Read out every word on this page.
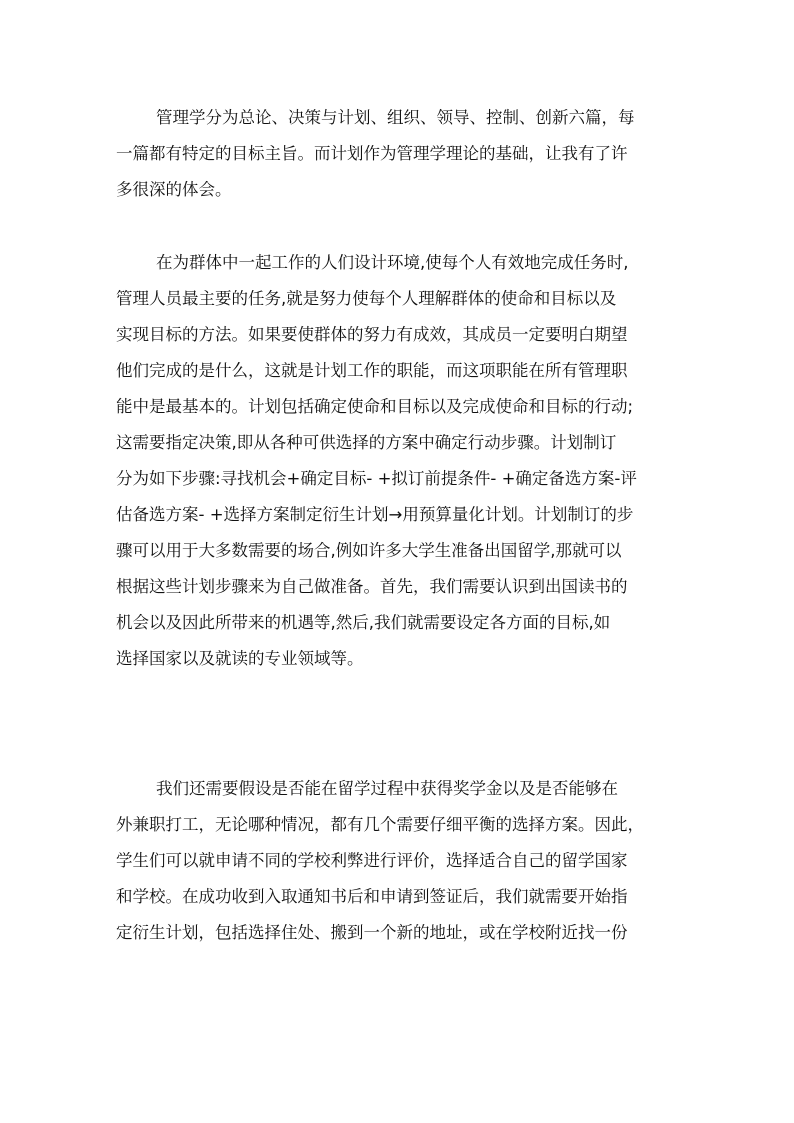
管理学分为总论、决策与计划、组织、领导、控制、创新六篇，每
一篇都有特定的目标主旨。而计划作为管理学理论的基础，让我有了许
多很深的体会。
在为群体中一起工作的人们设计环境,使每个人有效地完成任务时,
管理人员最主要的任务,就是努力使每个人理解群体的使命和目标以及
实现目标的方法。如果要使群体的努力有成效，其成员一定要明白期望
他们完成的是什么，这就是计划工作的职能，而这项职能在所有管理职
能中是最基本的。计划包括确定使命和目标以及完成使命和目标的行动;
这需要指定决策,即从各种可供选择的方案中确定行动步骤。计划制订
分为如下步骤:寻找机会+确定目标- +拟订前提条件- +确定备选方案-评
估备选方案- +选择方案制定衍生计划→用预算量化计划。计划制订的步
骤可以用于大多数需要的场合,例如许多大学生准备出国留学,那就可以
根据这些计划步骤来为自己做准备。首先，我们需要认识到出国读书的
机会以及因此所带来的机遇等,然后,我们就需要设定各方面的目标,如
选择国家以及就读的专业领域等。
我们还需要假设是否能在留学过程中获得奖学金以及是否能够在
外兼职打工，无论哪种情况，都有几个需要仔细平衡的选择方案。因此，
学生们可以就申请不同的学校利弊进行评价，选择适合自己的留学国家
和学校。在成功收到入取通知书后和申请到签证后，我们就需要开始指
定衍生计划，包括选择住处、搬到一个新的地址，或在学校附近找一份
